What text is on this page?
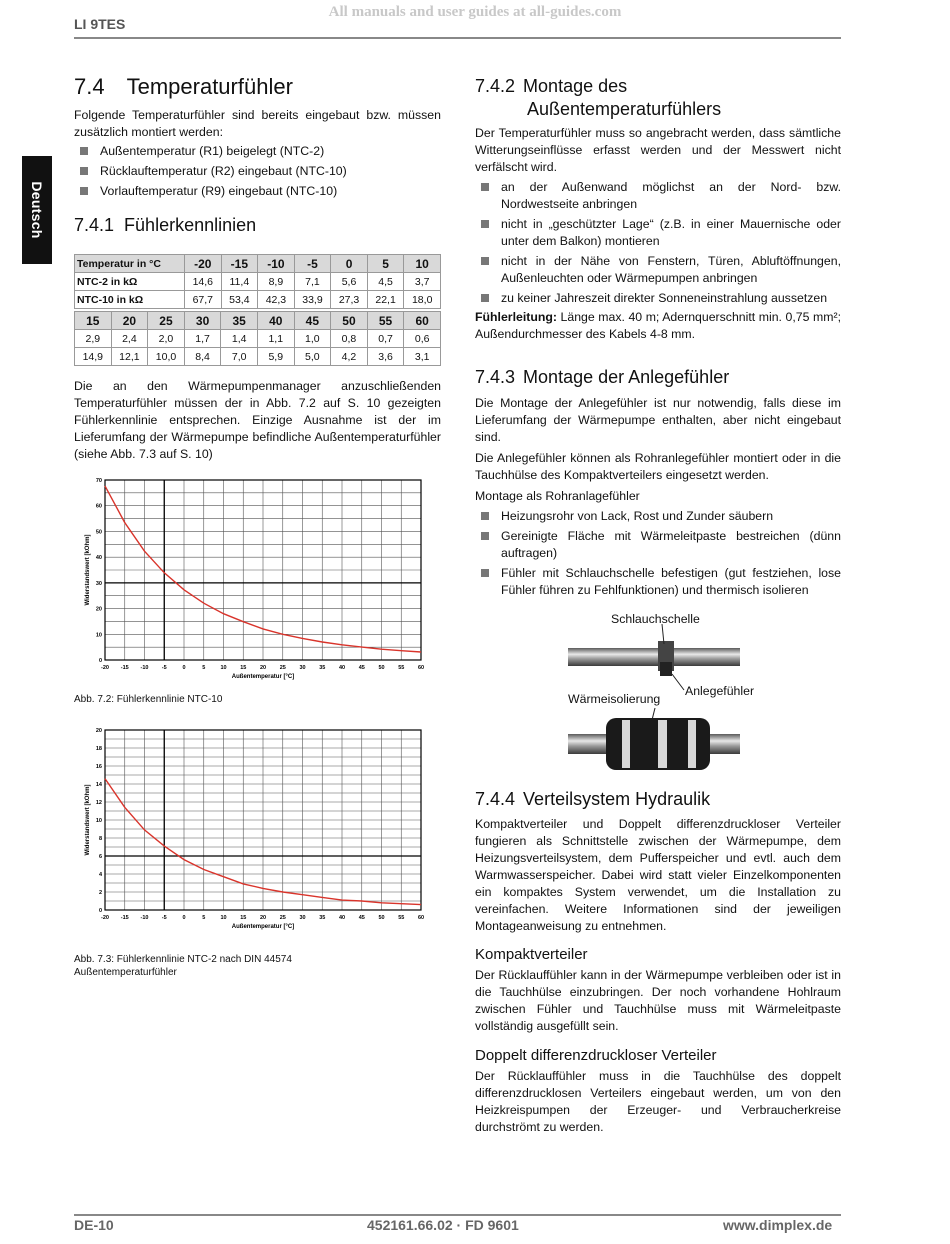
All manuals and user guides at all-guides.com
LI 9TES
Deutsch
7.4 Temperaturfühler

Folgende Temperaturfühler sind bereits eingebaut bzw. müssen zusätzlich montiert werden:

Außentemperatur (R1) beigelegt (NTC-2)
Rücklauftemperatur (R2) eingebaut (NTC-10)
Vorlauftemperatur (R9) eingebaut (NTC-10)
7.4.1 Fühlerkennlinien
Temperatur in °C	-20	-15	-10	-5	0	5	10
NTC-2 in kΩ	14,6	11,4	8,9	7,1	5,6	4,5	3,7
NTC-10 in kΩ	67,7	53,4	42,3	33,9	27,3	22,1	18,0
15	20	25	30	35	40	45	50	55	60
2,9	2,4	2,0	1,7	1,4	1,1	1,0	0,8	0,7	0,6
14,9	12,1	10,0	8,4	7,0	5,9	5,0	4,2	3,6	3,1

Die an den Wärmepumpenmanager anzuschließenden Temperaturfühler müssen der in Abb. 7.2 auf S. 10 gezeigten Fühlerkennlinie entsprechen. Einzige Ausnahme ist der im Lieferumfang der Wärmepumpe befindliche Außentemperaturfühler (siehe Abb. 7.3 auf S. 10)

-20 -15 -10 -5	0	5	10 15 20 25 30 35 40 45 50 55 60
0
10
20
30
40
50
60
70
Außentemperatur [°C]
Widerstandswert [kOhm]
Abb. 7.2: Fühlerkennlinie NTC-10
-20 -15 -10 -5	0	5	10 15 20 25 30 35 40 45 50 55 60
0
2
4
6
8
10
12
14
16
18
20
Außentemperatur [°C]
Widerstandswert [kOhm]
Abb. 7.3: Fühlerkennlinie NTC-2 nach DIN 44574
Außentemperaturfühler
7.4.2 Montage des
Außentemperaturfühlers

Der Temperaturfühler muss so angebracht werden, dass sämtliche Witterungseinflüsse erfasst werden und der Messwert nicht verfälscht wird.

an der Außenwand möglichst an der Nord- bzw. Nordwestseite anbringen
nicht in „geschützter Lage“ (z.B. in einer Mauernische oder unter dem Balkon) montieren
nicht in der Nähe von Fenstern, Türen, Abluftöffnungen, Außenleuchten oder Wärmepumpen anbringen
zu keiner Jahreszeit direkter Sonneneinstrahlung aussetzen

Fühlerleitung: Länge max. 40 m; Adernquerschnitt min. 0,75 mm²; Außendurchmesser des Kabels 4-8 mm.

7.4.3 Montage der Anlegefühler

Die Montage der Anlegefühler ist nur notwendig, falls diese im Lieferumfang der Wärmepumpe enthalten, aber nicht eingebaut sind.

Die Anlegefühler können als Rohranlegefühler montiert oder in die Tauchhülse des Kompaktverteilers eingesetzt werden.

Montage als Rohranlagefühler

Heizungsrohr von Lack, Rost und Zunder säubern
Gereinigte Fläche mit Wärmeleitpaste bestreichen (dünn auftragen)
Fühler mit Schlauchschelle befestigen (gut festziehen, lose Fühler führen zu Fehlfunktionen) und thermisch isolieren
Schlauchschelle
Anlegefühler
Wärmeisolierung
7.4.4 Verteilsystem Hydraulik

Kompaktverteiler und Doppelt differenzdruckloser Verteiler fungieren als Schnittstelle zwischen der Wärmepumpe, dem Heizungsverteilsystem, dem Pufferspeicher und evtl. auch dem Warmwasserspeicher. Dabei wird statt vieler Einzelkomponenten ein kompaktes System verwendet, um die Installation zu vereinfachen. Weitere Informationen sind der jeweiligen Montageanweisung zu entnehmen.

Kompaktverteiler

Der Rücklauffühler kann in der Wärmepumpe verbleiben oder ist in die Tauchhülse einzubringen. Der noch vorhandene Hohlraum zwischen Fühler und Tauchhülse muss mit Wärmeleitpaste vollständig ausgefüllt sein.

Doppelt differenzdruckloser Verteiler

Der Rücklauffühler muss in die Tauchhülse des doppelt differenzdrucklosen Verteilers eingebaut werden, um von den Heizkreispumpen der Erzeuger- und Verbraucherkreise durchströmt zu werden.

DE-10	452161.66.02 · FD 9601	www.dimplex.de
